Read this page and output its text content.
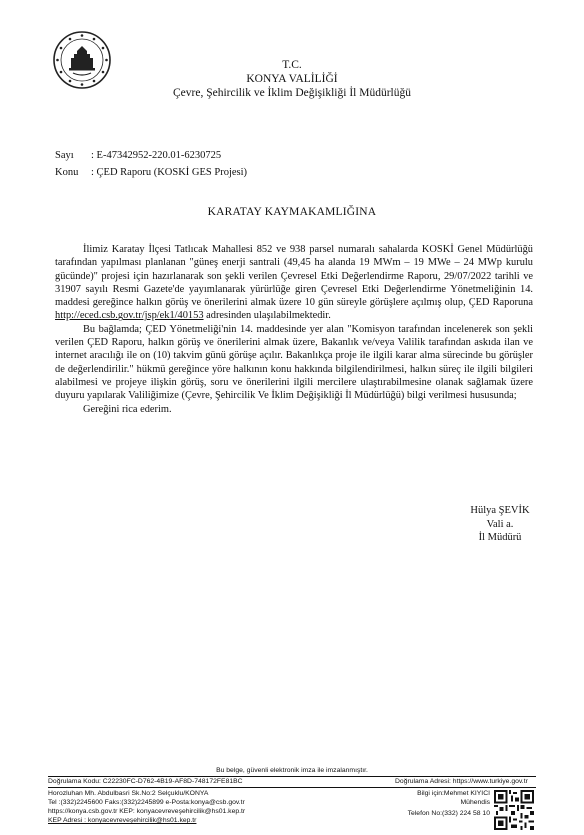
T.C.
KONYA VALİLİĞİ
Çevre, Şehircilik ve İklim Değişikliği İl Müdürlüğü
Sayı : E-47342952-220.01-6230725
Konu : ÇED Raporu (KOSKİ GES Projesi)
KARATAY KAYMAKAMLIĞINA

İlimiz Karatay İlçesi Tatlıcak Mahallesi 852 ve 938 parsel numaralı sahalarda KOSKİ Genel Müdürlüğü tarafından yapılması planlanan "güneş enerji santrali (49,45 ha alanda 19 MWm – 19 MWe – 24 MWp kurulu gücünde)" projesi için hazırlanarak son şekli verilen Çevresel Etki Değerlendirme Raporu, 29/07/2022 tarihli ve 31907 sayılı Resmi Gazete'de yayımlanarak yürürlüğe giren Çevresel Etki Değerlendirme Yönetmeliğinin 14. maddesi gereğince halkın görüş ve önerilerini almak üzere 10 gün süreyle görüşlere açılmış olup, ÇED Raporuna http://eced.csb.gov.tr/jsp/ek1/40153 adresinden ulaşılabilmektedir.

Bu bağlamda; ÇED Yönetmeliği'nin 14. maddesinde yer alan "Komisyon tarafından incelenerek son şekli verilen ÇED Raporu, halkın görüş ve önerilerini almak üzere, Bakanlık ve/veya Valilik tarafından askıda ilan ve internet aracılığı ile on (10) takvim günü görüşe açılır. Bakanlıkça proje ile ilgili karar alma sürecinde bu görüşler de değerlendirilir." hükmü gereğince yöre halkının konu hakkında bilgilendirilmesi, halkın süreç ile ilgili bilgileri alabilmesi ve projeye ilişkin görüş, soru ve önerilerini ilgili mercilere ulaştırabilmesine olanak sağlamak üzere duyuru yapılarak Valiliğimize (Çevre, Şehircilik Ve İklim Değişikliği İl Müdürlüğü) bilgi verilmesi hususunda;

Gereğini rica ederim.

Hülya ŞEVİK
Vali a.
İl Müdürü
Bu belge, güvenli elektronik imza ile imzalanmıştır.
Doğrulama Kodu: C22230FC-D762-4B19-AF8D-748172FE81BC	Doğrulama Adresi: https://www.turkiye.gov.tr
Horozluhan Mh. Abdulbasri Sk.No:2 Selçuklu/KONYA
Tel :(332)2245600 Faks:(332)2245899 e-Posta:konya@csb.gov.tr
https://konya.csb.gov.tr KEP: konyacevreveşehircilik@hs01.kep.tr
KEP Adresi : konyacevreveşehircilik@hs01.kep.tr
Bilgi için:Mehmet KIYICI
Mühendis
Telefon No:(332) 224 58 10
